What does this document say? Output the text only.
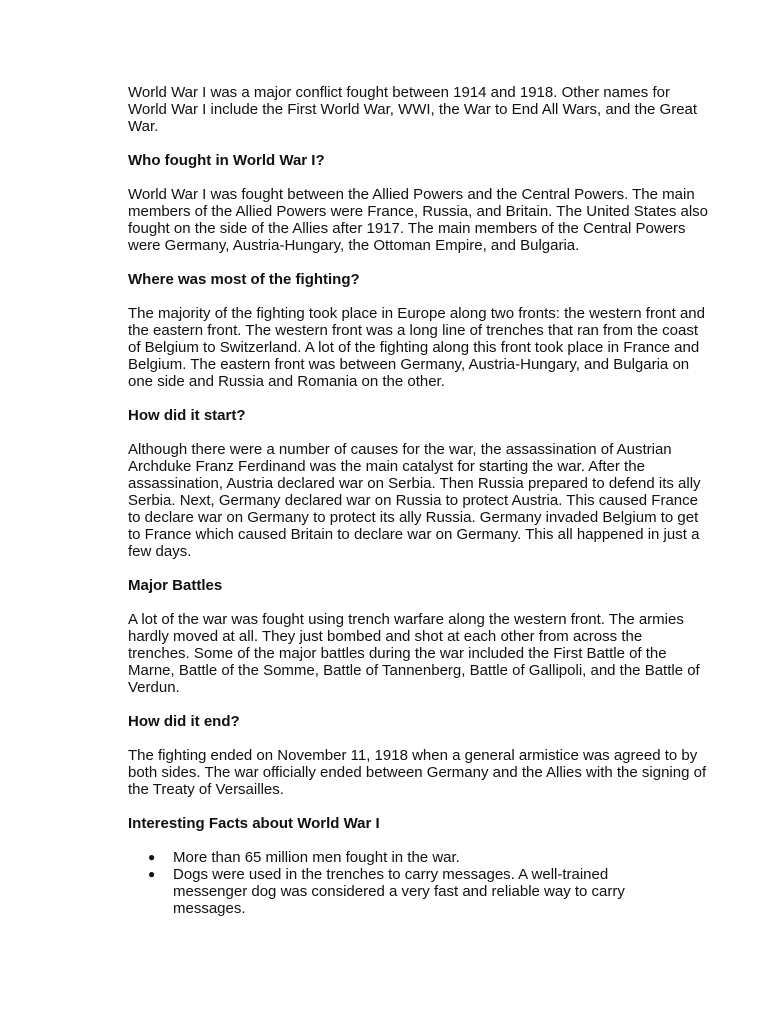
World War I was a major conflict fought between 1914 and 1918. Other names for World War I include the First World War, WWI, the War to End All Wars, and the Great War.

Who fought in World War I?

World War I was fought between the Allied Powers and the Central Powers. The main members of the Allied Powers were France, Russia, and Britain. The United States also fought on the side of the Allies after 1917. The main members of the Central Powers were Germany, Austria-Hungary, the Ottoman Empire, and Bulgaria.

Where was most of the fighting?

The majority of the fighting took place in Europe along two fronts: the western front and the eastern front. The western front was a long line of trenches that ran from the coast of Belgium to Switzerland. A lot of the fighting along this front took place in France and Belgium. The eastern front was between Germany, Austria-Hungary, and Bulgaria on one side and Russia and Romania on the other.

How did it start?

Although there were a number of causes for the war, the assassination of Austrian Archduke Franz Ferdinand was the main catalyst for starting the war. After the assassination, Austria declared war on Serbia. Then Russia prepared to defend its ally Serbia. Next, Germany declared war on Russia to protect Austria. This caused France to declare war on Germany to protect its ally Russia. Germany invaded Belgium to get to France which caused Britain to declare war on Germany. This all happened in just a few days.

Major Battles

A lot of the war was fought using trench warfare along the western front. The armies hardly moved at all. They just bombed and shot at each other from across the trenches. Some of the major battles during the war included the First Battle of the Marne, Battle of the Somme, Battle of Tannenberg, Battle of Gallipoli, and the Battle of Verdun.

How did it end?

The fighting ended on November 11, 1918 when a general armistice was agreed to by both sides. The war officially ended between Germany and the Allies with the signing of the Treaty of Versailles.

Interesting Facts about World War I
● More than 65 million men fought in the war.
● Dogs were used in the trenches to carry messages. A well-trained messenger dog was considered a very fast and reliable way to carry messages.
